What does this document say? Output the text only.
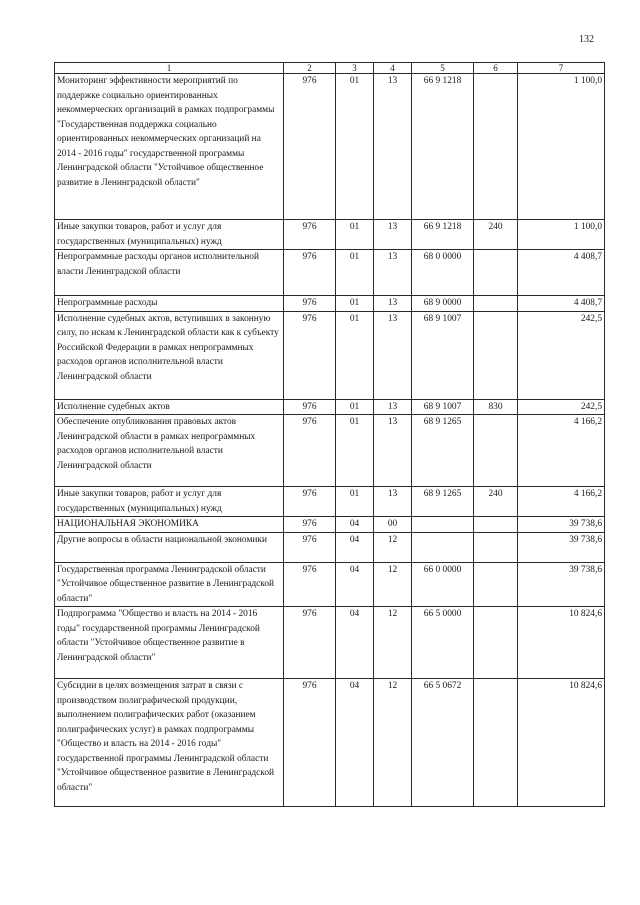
132
1	2	3	4	5	6	7
Мониторинг эффективности мероприятий по поддержке социально ориентированных некоммерческих организаций в рамках подпрограммы "Государственная поддержка социально ориентированных некоммерческих организаций на 2014 - 2016 годы" государственной программы Ленинградской области "Устойчивое общественное развитие в Ленинградской области"	976	01	13	66 9 1218		1 100,0
Иные закупки товаров, работ и услуг для государственных (муниципальных) нужд	976	01	13	66 9 1218	240	1 100,0
Непрограммные расходы органов исполнительной власти Ленинградской области	976	01	13	68 0 0000		4 408,7
Непрограммные расходы	976	01	13	68 9 0000		4 408,7
Исполнение судебных актов, вступивших в законную силу, по искам к Ленинградской области как к субъекту Российской Федерации в рамках непрограммных расходов органов исполнительной власти Ленинградской области	976	01	13	68 9 1007		242,5
Исполнение судебных актов	976	01	13	68 9 1007	830	242,5
Обеспечение опубликования правовых актов Ленинградской области в рамках непрограммных расходов органов исполнительной власти Ленинградской области	976	01	13	68 9 1265		4 166,2
Иные закупки товаров, работ и услуг для государственных (муниципальных) нужд	976	01	13	68 9 1265	240	4 166,2
НАЦИОНАЛЬНАЯ ЭКОНОМИКА	976	04	00			39 738,6
Другие вопросы в области национальной экономики	976	04	12			39 738,6
Государственная программа Ленинградской области "Устойчивое общественное развитие в Ленинградской области"	976	04	12	66 0 0000		39 738,6
Подпрограмма "Общество и власть на 2014 - 2016 годы" государственной программы Ленинградской области "Устойчивое общественное развитие в Ленинградской области"	976	04	12	66 5 0000		10 824,6
Субсидии в целях возмещения затрат в связи с производством полиграфической продукции, выполнением полиграфических работ (оказанием полиграфических услуг) в рамках подпрограммы "Общество и власть на 2014 - 2016 годы" государственной программы Ленинградской области "Устойчивое общественное развитие в Ленинградской области"	976	04	12	66 5 0672		10 824,6
